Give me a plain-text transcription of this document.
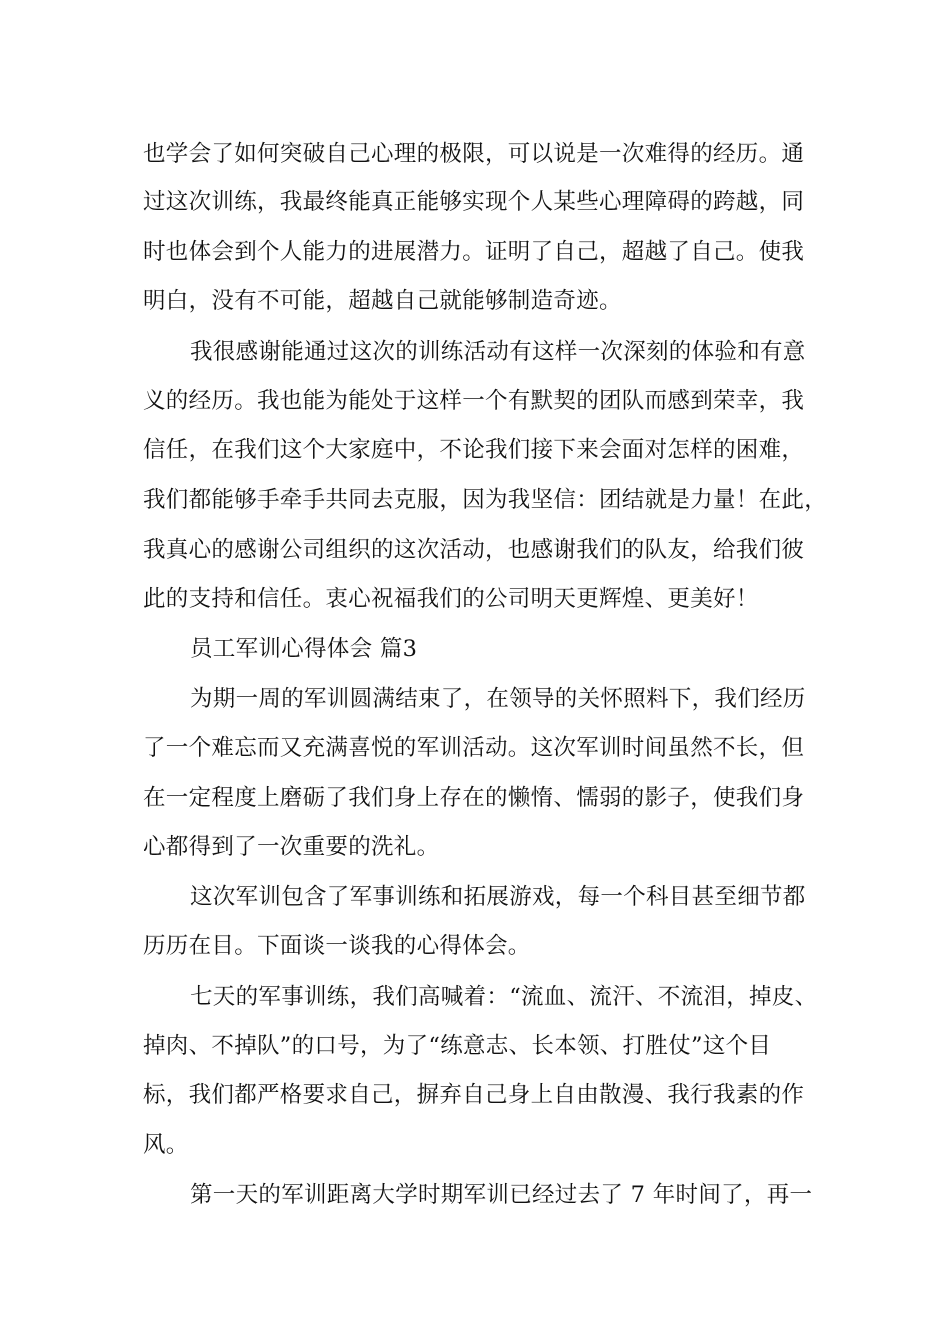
也学会了如何突破自己心理的极限，可以说是一次难得的经历。通
过这次训练，我最终能真正能够实现个人某些心理障碍的跨越，同
时也体会到个人能力的进展潜力。证明了自己，超越了自己。使我
明白，没有不可能，超越自己就能够制造奇迹。
我很感谢能通过这次的训练活动有这样一次深刻的体验和有意
义的经历。我也能为能处于这样一个有默契的团队而感到荣幸，我
信任，在我们这个大家庭中，不论我们接下来会面对怎样的困难，
我们都能够手牵手共同去克服，因为我坚信：团结就是力量！在此，
我真心的感谢公司组织的这次活动，也感谢我们的队友，给我们彼
此的支持和信任。衷心祝福我们的公司明天更辉煌、更美好！
员工军训心得体会 篇3
为期一周的军训圆满结束了，在领导的关怀照料下，我们经历
了一个难忘而又充满喜悦的军训活动。这次军训时间虽然不长，但
在一定程度上磨砺了我们身上存在的懒惰、懦弱的影子，使我们身
心都得到了一次重要的洗礼。
这次军训包含了军事训练和拓展游戏，每一个科目甚至细节都
历历在目。下面谈一谈我的心得体会。
七天的军事训练，我们高喊着：“流血、流汗、不流泪，掉皮、
掉肉、不掉队”的口号，为了“练意志、长本领、打胜仗”这个目
标，我们都严格要求自己，摒弃自己身上自由散漫、我行我素的作
风。
第一天的军训距离大学时期军训已经过去了 7 年时间了，再一
